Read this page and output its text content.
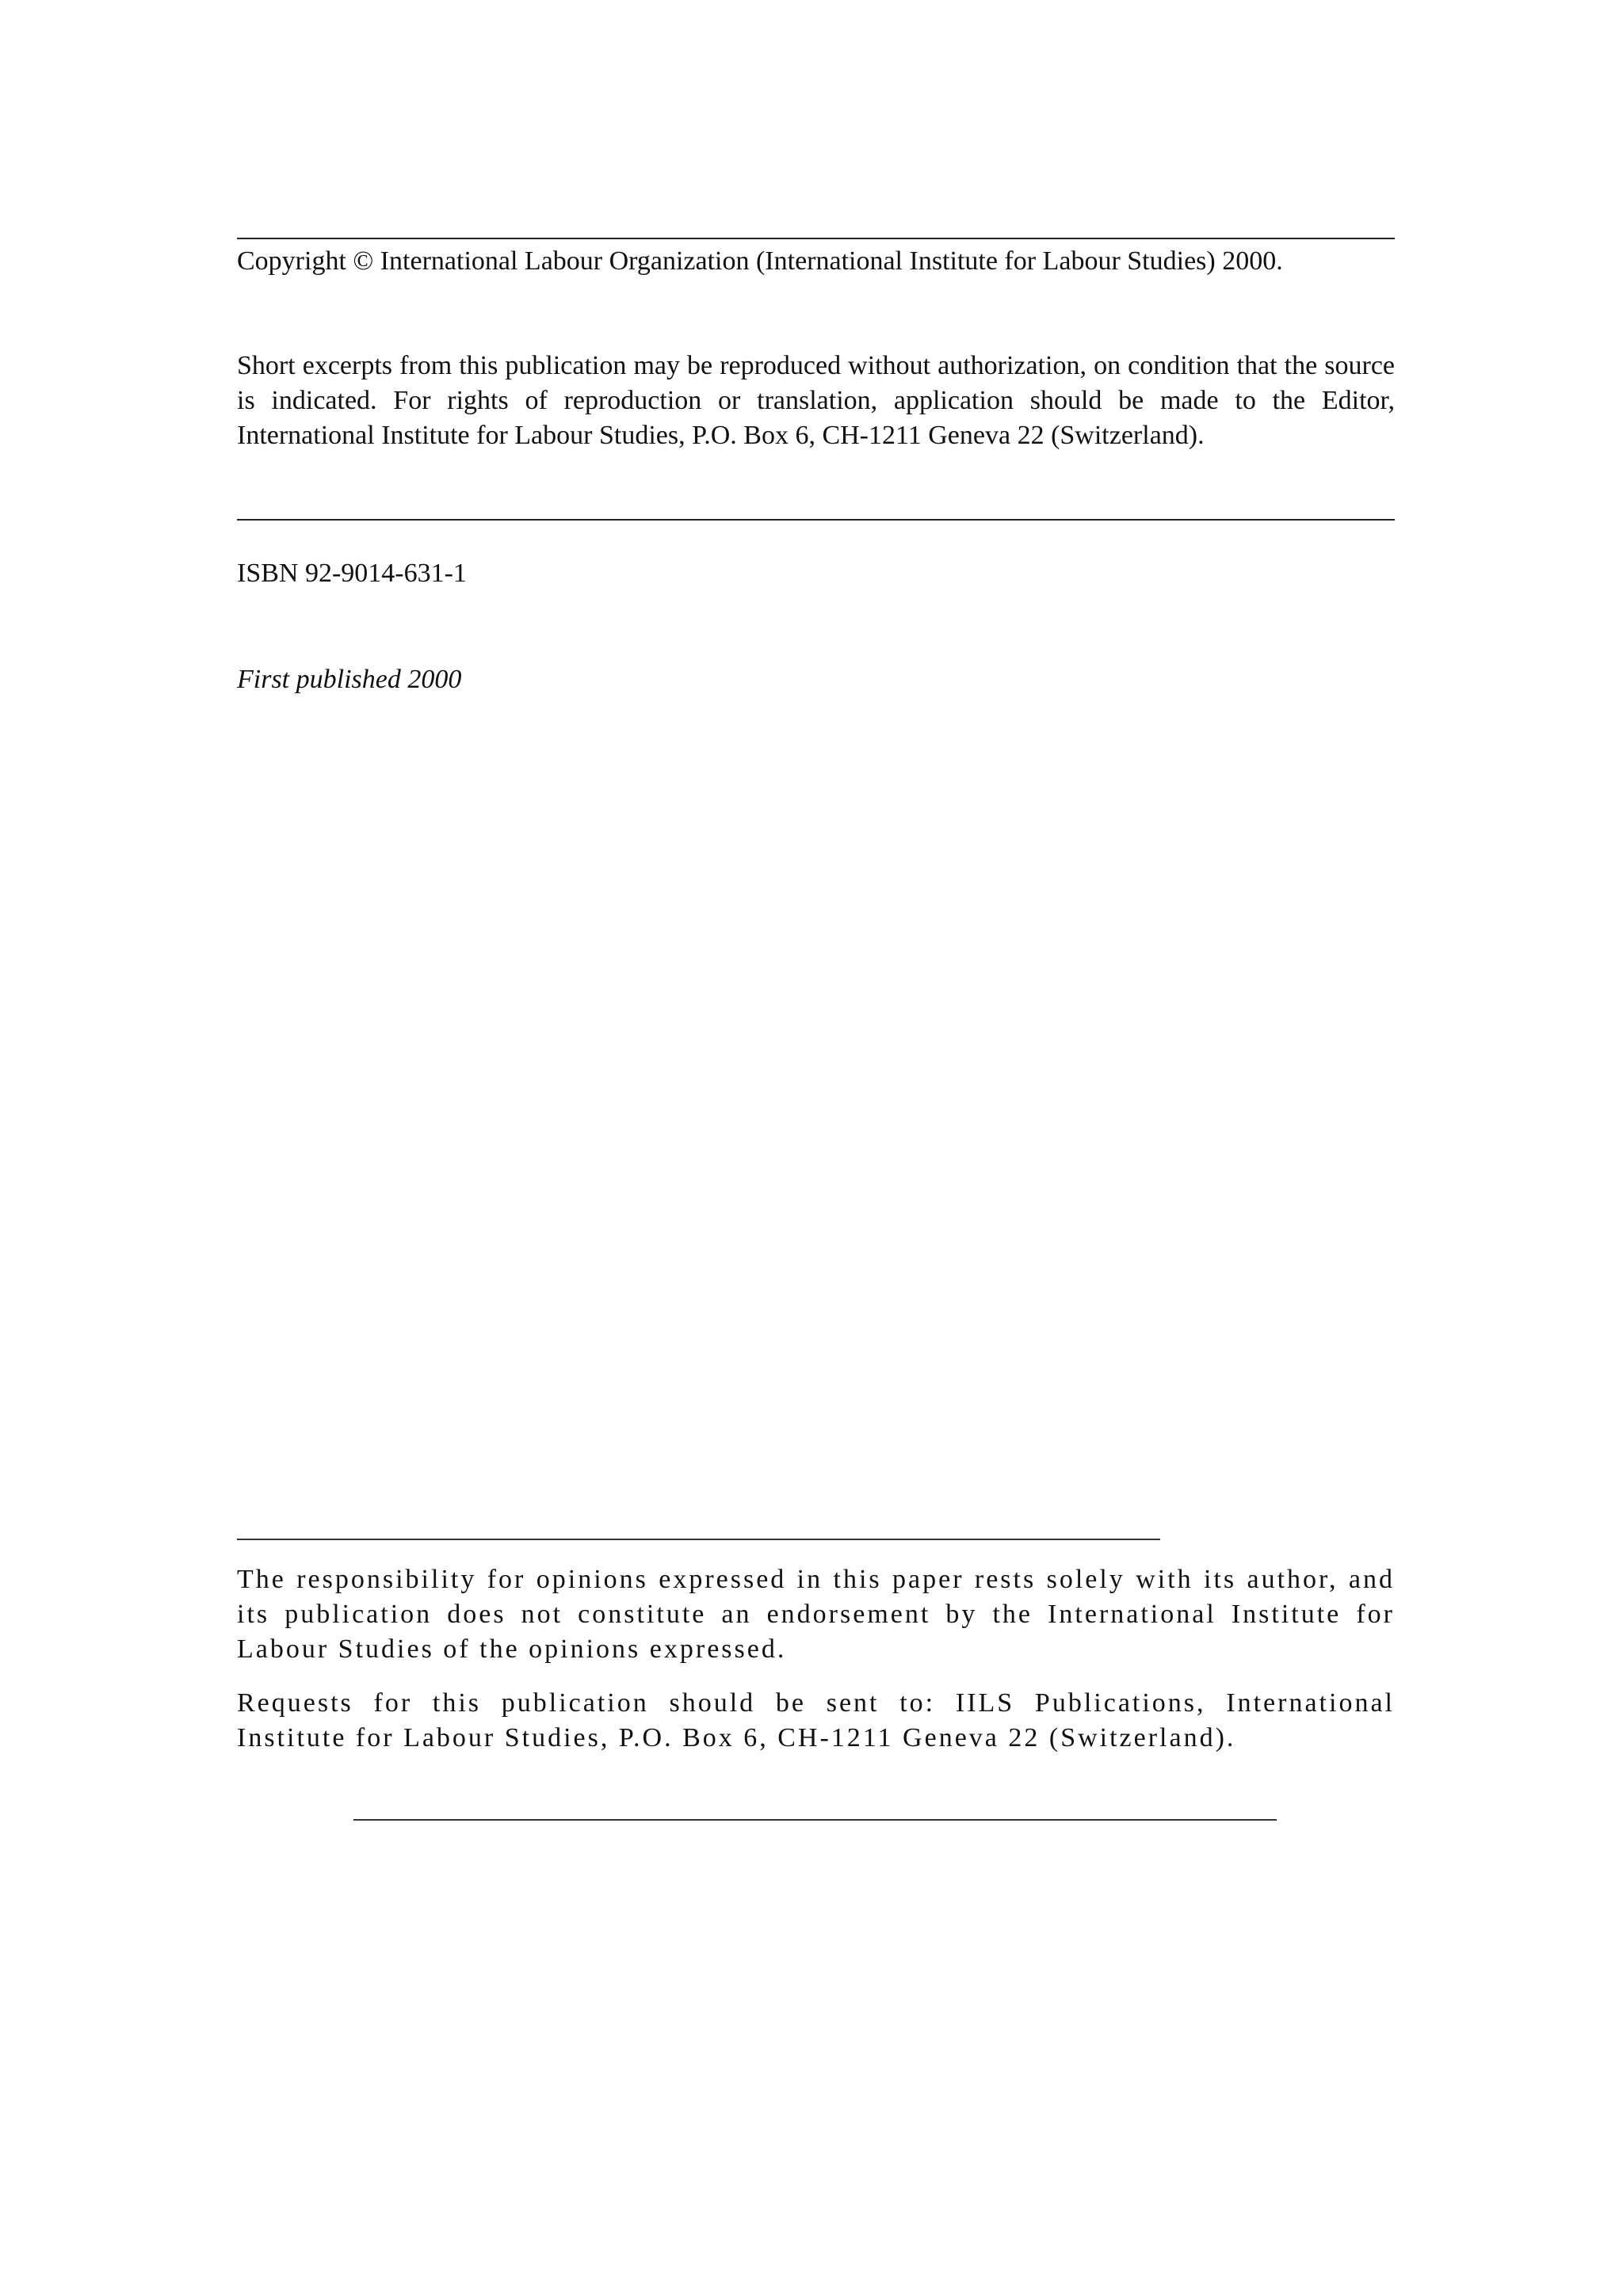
Copyright © International Labour Organization (International Institute for Labour Studies) 2000.

Short excerpts from this publication may be reproduced without authorization, on condition that the source is indicated. For rights of reproduction or translation, application should be made to the Editor, International Institute for Labour Studies, P.O. Box 6, CH-1211 Geneva 22 (Switzerland).

ISBN 92-9014-631-1
First published 2000

The responsibility for opinions expressed in this paper rests solely with its author, and its publication does not constitute an endorsement by the International Institute for Labour Studies of the opinions expressed.

Requests for this publication should be sent to: IILS Publications, International Institute for Labour Studies, P.O. Box 6, CH-1211 Geneva 22 (Switzerland).
